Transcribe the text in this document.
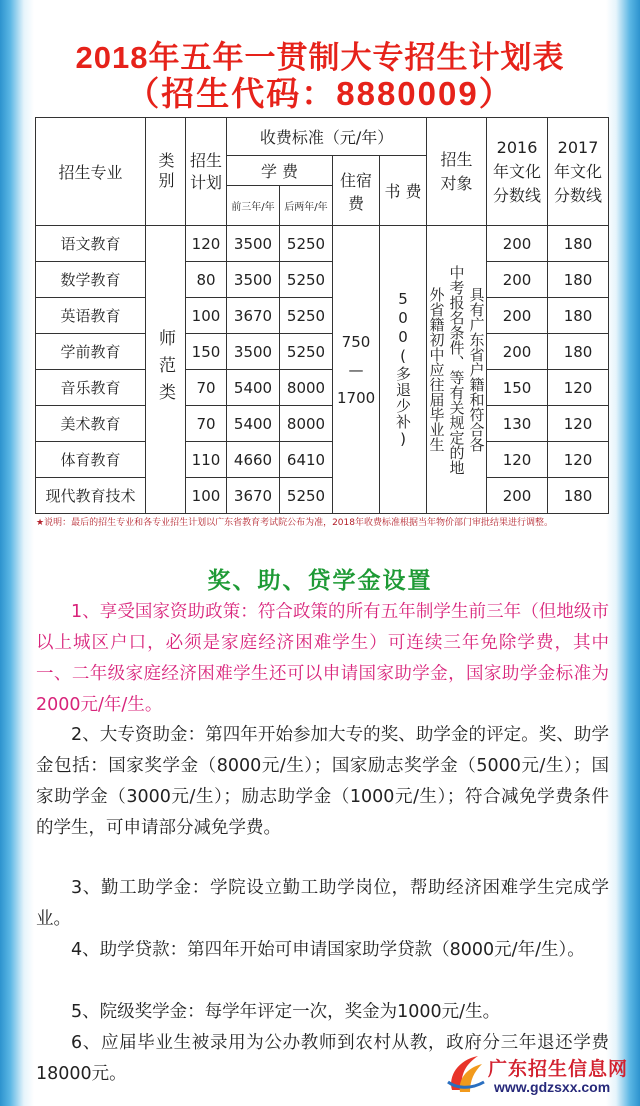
2018年五年一贯制大专招生计划表
（招生代码：8880009）
招生专业	类别	招生计划	收费标准（元/年）				招生对象	2016年文化分数线	2017年文化分数线

			学 费		住宿费	书 费			
			前三年/年	后两年/年					
语文教育	师范类	120	3500	5250	750—1700	500(多退少补)	具有广东省户籍和符合各
中考报名条件、等有关规定的地
外省籍初中应往届毕业生	200	180
数学教育		80	3500	5250				200	180
英语教育		100	3670	5250				200	180
学前教育		150	3500	5250				200	180
音乐教育		70	5400	8000				150	120
美术教育		70	5400	8000				130	120
体育教育		110	4660	6410				120	120
现代教育技术		100	3670	5250				200	180
★说明：最后的招生专业和各专业招生计划以广东省教育考试院公布为准，2018年收费标准根据当年物价部门审批结果进行调整。
奖、助、贷学金设置
1、享受国家资助政策：符合政策的所有五年制学生前三年（但地级市以上城区户口，必须是家庭经济困难学生）可连续三年免除学费，其中一、二年级家庭经济困难学生还可以申请国家助学金，国家助学金标准为2000元/年/生。
2、大专资助金：第四年开始参加大专的奖、助学金的评定。奖、助学金包括：国家奖学金（8000元/生）；国家励志奖学金（5000元/生）；国家助学金（3000元/生）；励志助学金（1000元/生）；符合减免学费条件的学生，可申请部分减免学费。
3、勤工助学金：学院设立勤工助学岗位，帮助经济困难学生完成学业。
4、助学贷款：第四年开始可申请国家助学贷款（8000元/年/生）。
5、院级奖学金：每学年评定一次，奖金为1000元/生。
6、应届毕业生被录用为公办教师到农村从教，政府分三年退还学费18000元。	广东招生信息网
www.gdzsxx.com
